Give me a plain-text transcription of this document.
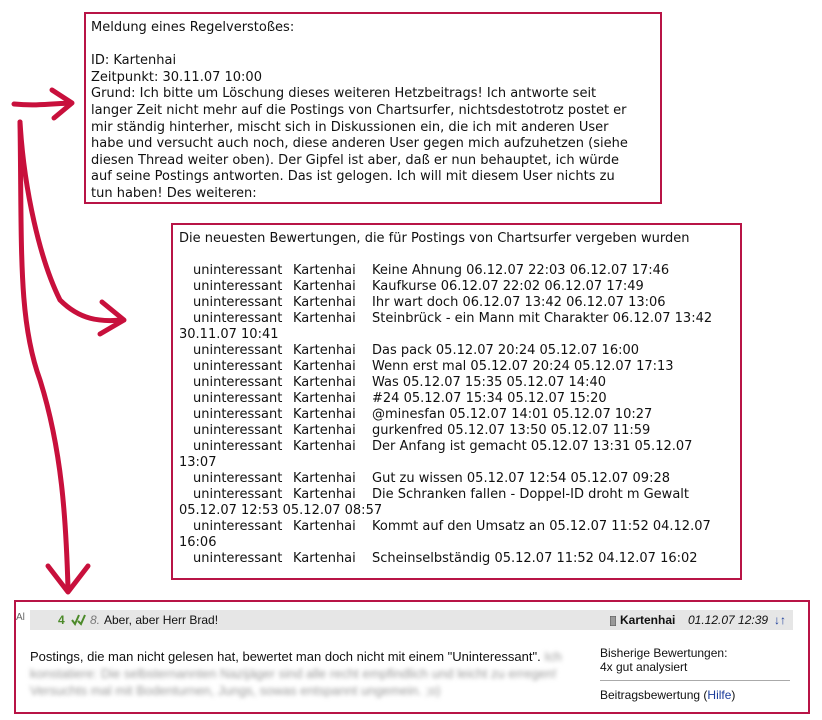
Meldung eines Regelverstoßes:
ID: Kartenhai
Zeitpunkt: 30.11.07 10:00
Grund: Ich bitte um Löschung dieses weiteren Hetzbeitrags! Ich antworte seit
langer Zeit nicht mehr auf die Postings von Chartsurfer, nichtsdestotrotz postet er
mir ständig hinterher, mischt sich in Diskussionen ein, die ich mit anderen User
habe und versucht auch noch, diese anderen User gegen mich aufzuhetzen (siehe
diesen Thread weiter oben). Der Gipfel ist aber, daß er nun behauptet, ich würde
auf seine Postings antworten. Das ist gelogen. Ich will mit diesem User nichts zu
tun haben! Des weiteren:
Die neuesten Bewertungen, die für Postings von Chartsurfer vergeben wurden
uninteressant Kartenhai Keine Ahnung 06.12.07 22:03 06.12.07 17:46
uninteressant Kartenhai Kaufkurse 06.12.07 22:02 06.12.07 17:49
uninteressant Kartenhai Ihr wart doch 06.12.07 13:42 06.12.07 13:06
uninteressant Kartenhai Steinbrück - ein Mann mit Charakter 06.12.07 13:42
30.11.07 10:41
uninteressant Kartenhai Das pack 05.12.07 20:24 05.12.07 16:00
uninteressant Kartenhai Wenn erst mal 05.12.07 20:24 05.12.07 17:13
uninteressant Kartenhai Was 05.12.07 15:35 05.12.07 14:40
uninteressant Kartenhai #24 05.12.07 15:34 05.12.07 15:20
uninteressant Kartenhai @minesfan 05.12.07 14:01 05.12.07 10:27
uninteressant Kartenhai gurkenfred 05.12.07 13:50 05.12.07 11:59
uninteressant Kartenhai Der Anfang ist gemacht 05.12.07 13:31 05.12.07
13:07
uninteressant Kartenhai Gut zu wissen 05.12.07 12:54 05.12.07 09:28
uninteressant Kartenhai Die Schranken fallen - Doppel-ID droht m Gewalt
05.12.07 12:53 05.12.07 08:57
uninteressant Kartenhai Kommt auf den Umsatz an 05.12.07 11:52 04.12.07
16:06
uninteressant Kartenhai Scheinselbständig 05.12.07 11:52 04.12.07 16:02
Al	4 8. Aber, aber Herr Brad!	Kartenhai 01.12.07 12:39 ↓↑
Postings, die man nicht gelesen hat, bewertet man doch nicht mit einem "Uninteressant". Ich konstatiere: Die selbsternannten Nazijäger sind alle recht empfindlich und leicht zu erregen! Versuchts mal mit Bodenturnen, Jungs, sowas entspannt ungemein. ;o)
Bisherige Bewertungen:
4x gut analysiert
Beitragsbewertung (Hilfe)
